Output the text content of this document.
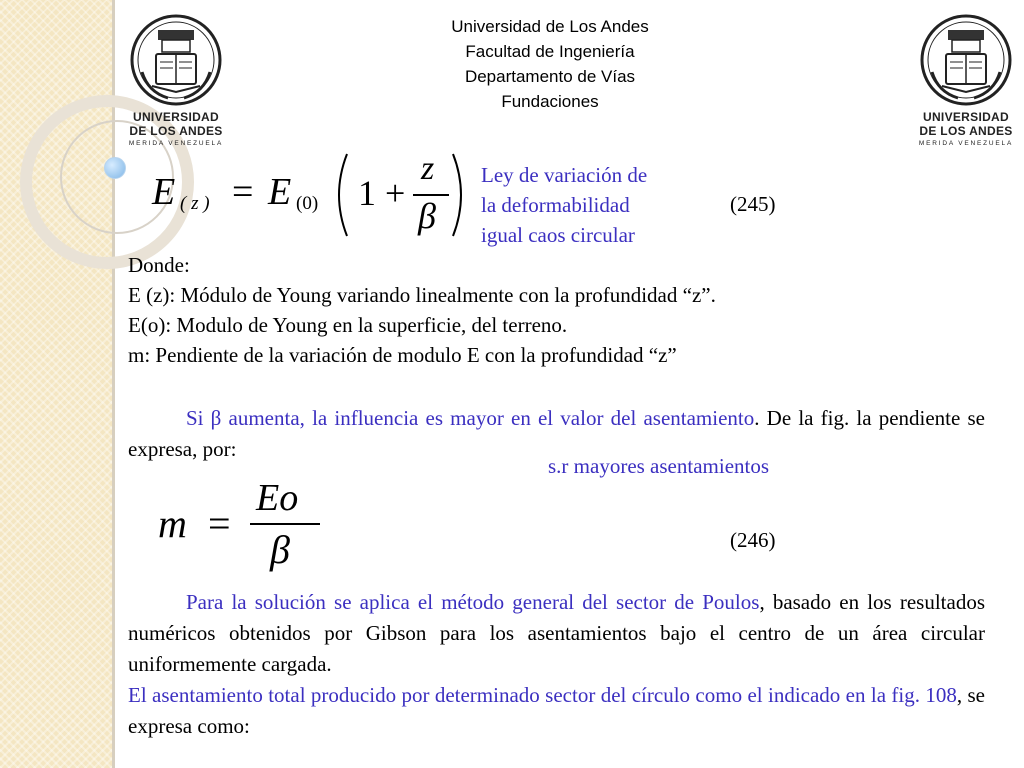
UNIVERSIDAD
DE LOS ANDES
MERIDA VENEZUELA
UNIVERSIDAD
DE LOS ANDES
MERIDA VENEZUELA
Universidad de Los Andes
Facultad de Ingeniería
Departamento de Vías
Fundaciones
E ( z ) = E (0) 1 +
z
β	(245)
Ley de variación de
la deformabilidad
igual caos circular
Donde:
E (z): Módulo de Young variando linealmente con la profundidad “z”.
E(o): Modulo de Young en la superficie, del terreno.
m: Pendiente de la variación de modulo E con la profundidad “z”
Si β aumenta, la influencia es mayor en el valor del asentamiento. De la fig. la pendiente se expresa, por:
s.r mayores asentamientos
m =
Eo
β	(246)
Para la solución se aplica el método general del sector de Poulos, basado en los resultados numéricos obtenidos por Gibson para los asentamientos bajo el centro de un área circular uniformemente cargada.
El asentamiento total producido por determinado sector del círculo como el indicado en la fig. 108, se expresa como:
